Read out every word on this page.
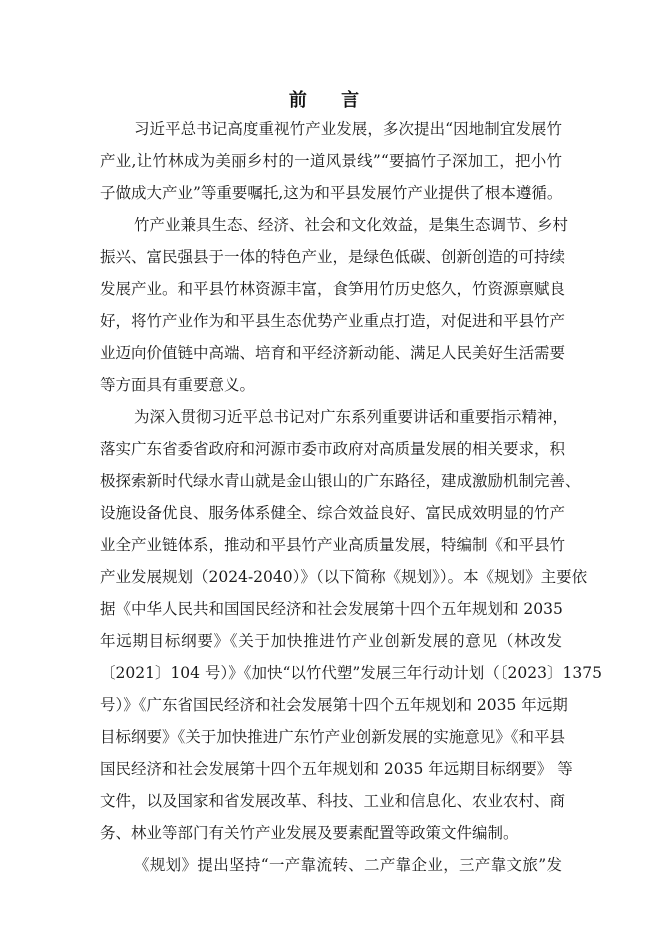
前 言
习近平总书记高度重视竹产业发展，多次提出“因地制宜发展竹
产业,让竹林成为美丽乡村的一道风景线”“要搞竹子深加工，把小竹
子做成大产业”等重要嘱托,这为和平县发展竹产业提供了根本遵循。
竹产业兼具生态、经济、社会和文化效益，是集生态调节、乡村
振兴、富民强县于一体的特色产业，是绿色低碳、创新创造的可持续
发展产业。和平县竹林资源丰富，食笋用竹历史悠久，竹资源禀赋良
好，将竹产业作为和平县生态优势产业重点打造，对促进和平县竹产
业迈向价值链中高端、培育和平经济新动能、满足人民美好生活需要
等方面具有重要意义。
为深入贯彻习近平总书记对广东系列重要讲话和重要指示精神，
落实广东省委省政府和河源市委市政府对高质量发展的相关要求，积
极探索新时代绿水青山就是金山银山的广东路径，建成激励机制完善、
设施设备优良、服务体系健全、综合效益良好、富民成效明显的竹产
业全产业链体系，推动和平县竹产业高质量发展，特编制《和平县竹
产业发展规划（2024-2040）》（以下简称《规划》）。本《规划》主要依
据《中华人民共和国国民经济和社会发展第十四个五年规划和 2035
年远期目标纲要》《关于加快推进竹产业创新发展的意见（林改发
〔2021〕104 号）》《加快“以竹代塑”发展三年行动计划（〔2023〕1375
号）》《广东省国民经济和社会发展第十四个五年规划和 2035 年远期
目标纲要》《关于加快推进广东竹产业创新发展的实施意见》《和平县
国民经济和社会发展第十四个五年规划和 2035 年远期目标纲要》 等
文件，以及国家和省发展改革、科技、工业和信息化、农业农村、商
务、林业等部门有关竹产业发展及要素配置等政策文件编制。
《规划》提出坚持“一产靠流转、二产靠企业，三产靠文旅”发
